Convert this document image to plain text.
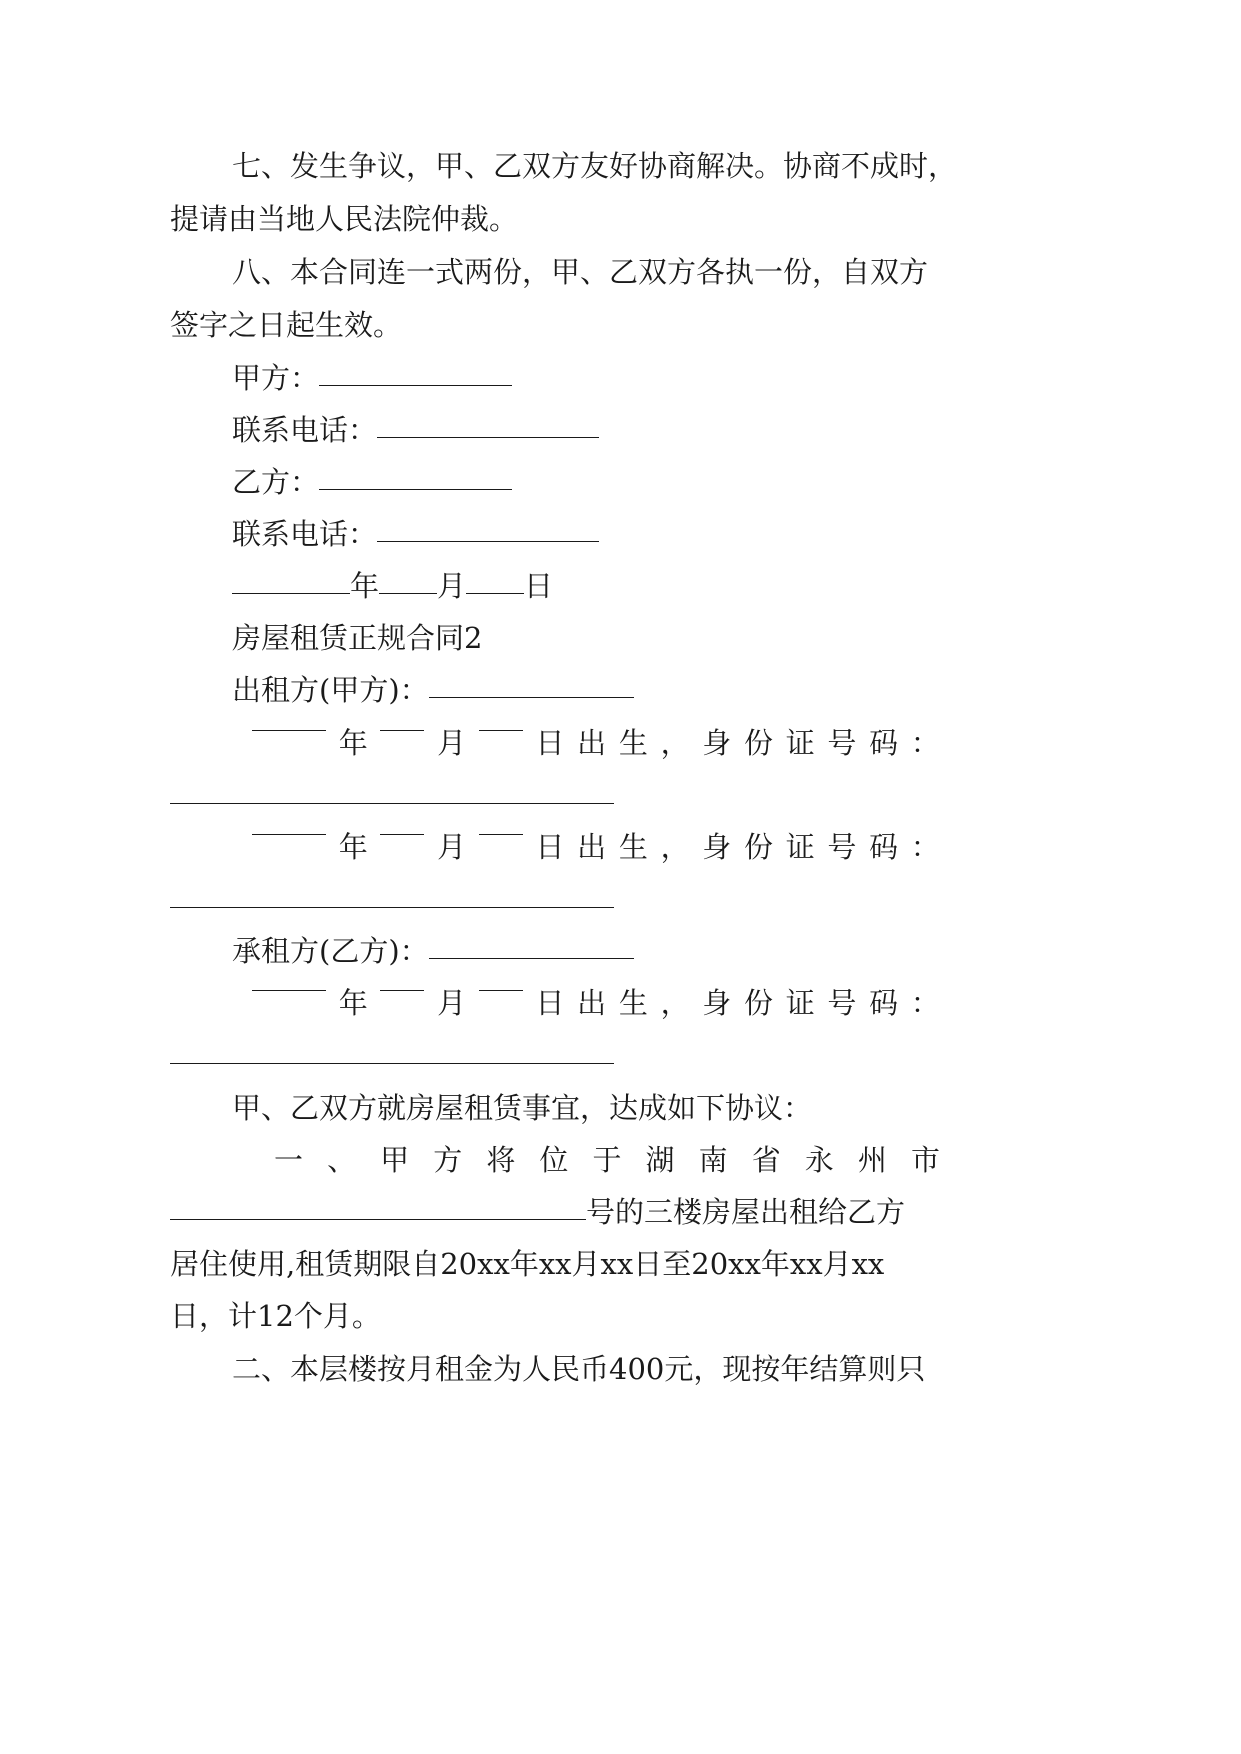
七、发生争议，甲、乙双方友好协商解决。协商不成时，
提请由当地人民法院仲裁。
八、本合同连一式两份，甲、乙双方各执一份，自双方
签字之日起生效。
甲方：
联系电话：
乙方：
联系电话：
年 月 日
房屋租赁正规合同2
出租方(甲方)：
年 月 日 出 生 ， 身 份 证 号 码 ：
年 月 日 出 生 ， 身 份 证 号 码 ：
承租方(乙方)：
年 月 日 出 生 ， 身 份 证 号 码 ：
甲、乙双方就房屋租赁事宜，达成如下协议：
一 、 甲 方 将 位 于 湖 南 省 永 州 市
号的三楼房屋出租给乙方
居住使用,租赁期限自20xx年xx月xx日至20xx年xx月xx
日，计12个月。
二、本层楼按月租金为人民币400元，现按年结算则只
